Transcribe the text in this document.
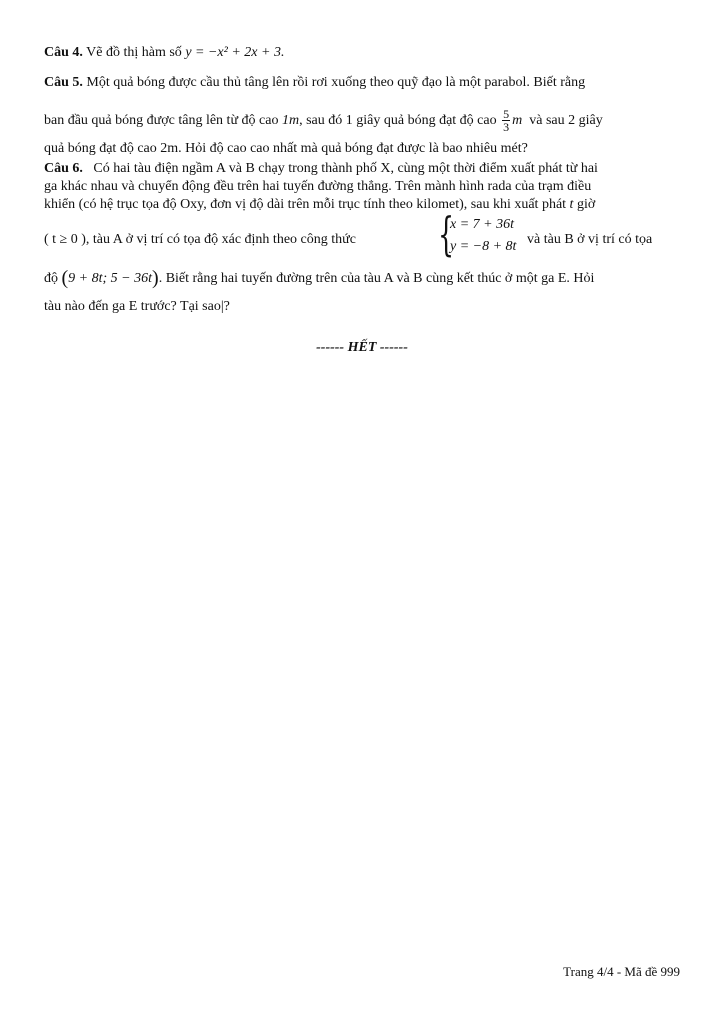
Câu 4. Vẽ đồ thị hàm số y = −x² + 2x + 3.
Câu 5. Một quả bóng được cầu thủ tâng lên rồi rơi xuống theo quỹ đạo là một parabol. Biết rằng
ban đầu quả bóng được tâng lên từ độ cao 1m, sau đó 1 giây quả bóng đạt độ cao $\frac{5}{3}$ m và sau 2 giây
quả bóng đạt độ cao 2m. Hỏi độ cao cao nhất mà quả bóng đạt được là bao nhiêu mét?
Câu 6. Có hai tàu điện ngầm A và B chạy trong thành phố X, cùng một thời điểm xuất phát từ hai
ga khác nhau và chuyển động đều trên hai tuyến đường thẳng. Trên mành hình rada của trạm điều
khiển (có hệ trục tọa độ Oxy, đơn vị độ dài trên mỗi trục tính theo kilomet), sau khi xuất phát t giờ
( t ≥ 0 ), tàu A ở vị trí có tọa độ xác định theo công thức	{
x = 7 + 36t
y = −8 + 8t và tàu B ở vị trí có tọa
độ (9 + 8t; 5 − 36t). Biết rằng hai tuyến đường trên của tàu A và B cùng kết thúc ở một ga E. Hỏi
tàu nào đến ga E trước? Tại sao|?
------ HẾT ------
Trang 4/4 - Mã đề 999
